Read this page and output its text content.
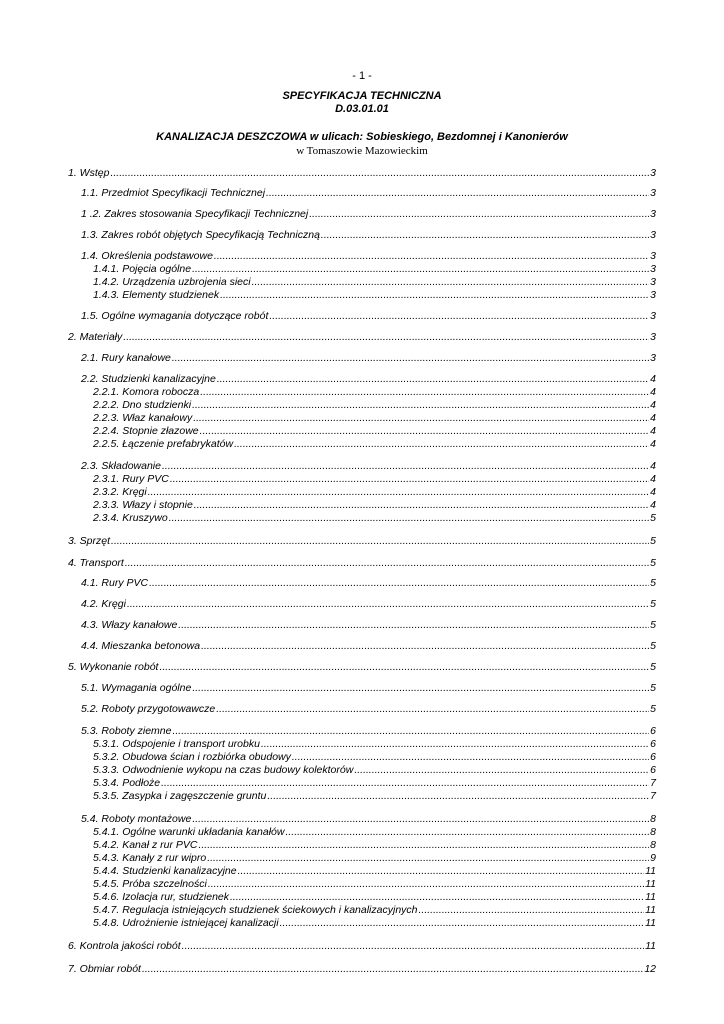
- 1 -
SPECYFIKACJA TECHNICZNA
D.03.01.01
KANALIZACJA DESZCZOWA w ulicach: Sobieskiego, Bezdomnej i Kanonierów
w Tomaszowie Mazowieckim
1. Wstęp .....	3
1.1. Przedmiot Specyfikacji Technicznej .....	3
1 .2. Zakres stosowania Specyfikacji Technicznej .....	3
1.3. Zakres robót objętych Specyfikacją Techniczną .....	3
1.4. Określenia podstawowe .....	3
1.4.1. Pojęcia ogólne .....	3
1.4.2. Urządzenia uzbrojenia sieci .....	3
1.4.3. Elementy studzienek .....	3
1.5. Ogólne wymagania dotyczące robót .....	3
2. Materiały .....	3
2.1. Rury kanałowe .....	3
2.2. Studzienki kanalizacyjne .....	4
2.2.1. Komora robocza .....	4
2.2.2. Dno studzienki .....	4
2.2.3. Właz kanałowy .....	4
2.2.4. Stopnie złazowe .....	4
2.2.5. Łączenie prefabrykatów .....	4
2.3. Składowanie .....	4
2.3.1. Rury PVC .....	4
2.3.2. Kręgi .....	4
2.3.3. Włazy i stopnie .....	4
2.3.4. Kruszywo .....	5
3. Sprzęt .....	5
4. Transport .....	5
4.1. Rury PVC .....	5
4.2. Kręgi .....	5
4.3. Włazy kanałowe .....	5
4.4. Mieszanka betonowa .....	5
5. Wykonanie robót .....	5
5.1. Wymagania ogólne .....	5
5.2. Roboty przygotowawcze .....	5
5.3. Roboty ziemne .....	6
5.3.1. Odspojenie i transport urobku .....	6
5.3.2. Obudowa ścian i rozbiórka obudowy .....	6
5.3.3. Odwodnienie wykopu na czas budowy kolektorów .....	6
5.3.4. Podłoże .....	7
5.3.5. Zasypka i zagęszczenie gruntu .....	7
5.4. Roboty montażowe .....	8
5.4.1. Ogólne warunki układania kanałów .....	8
5.4.2. Kanał z rur PVC .....	8
5.4.3. Kanały z rur wipro .....	9
5.4.4. Studzienki kanalizacyjne .....	11
5.4.5. Próba szczelności .....	11
5.4.6. Izolacja rur, studzienek .....	11
5.4.7. Regulacja istniejących studzienek ściekowych i kanalizacyjnych .....	11
5.4.8. Udrożnienie istniejącej kanalizacji .....	11
6. Kontrola jakości robót .....	11
7. Obmiar robót .....	12
